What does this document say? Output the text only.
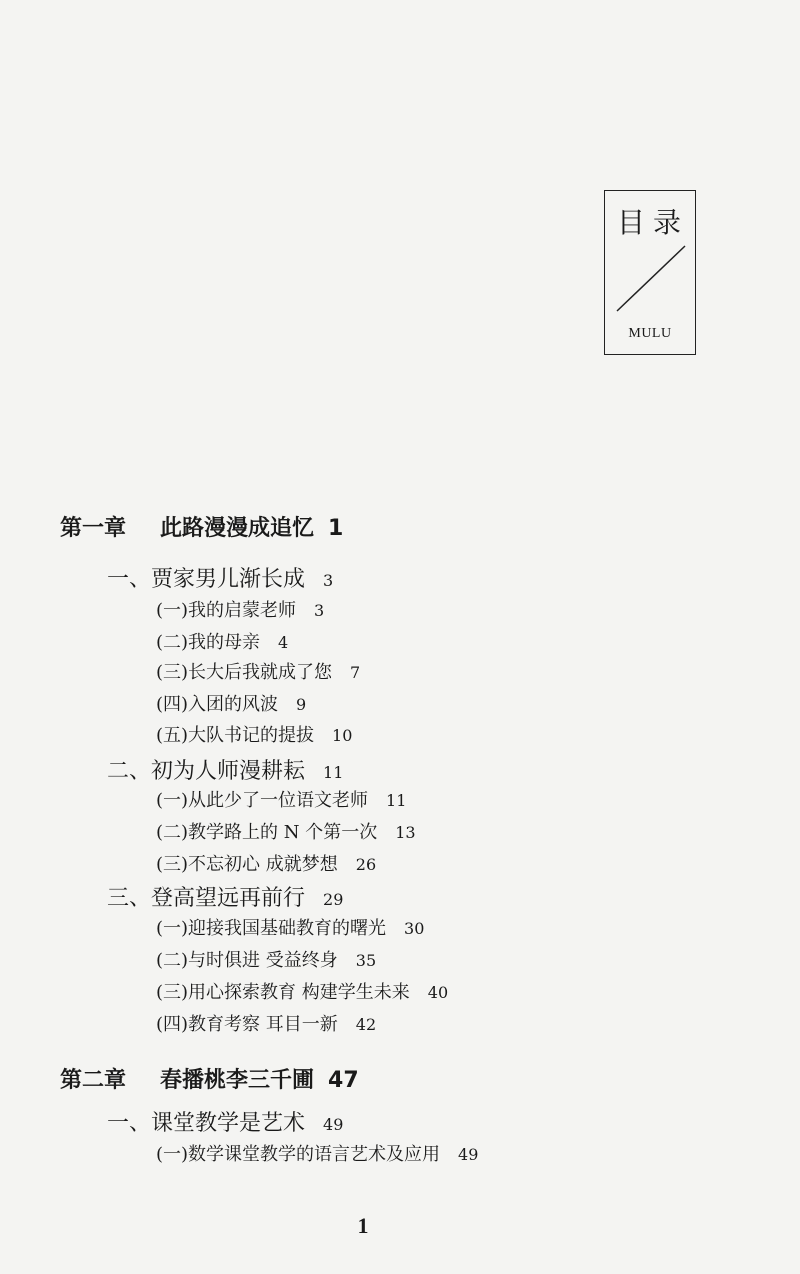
目录
MULU
第一章 此路漫漫成追忆 1
一、贾家男儿渐长成 3
(一)我的启蒙老师 3
(二)我的母亲 4
(三)长大后我就成了您 7
(四)入团的风波 9
(五)大队书记的提拔 10
二、初为人师漫耕耘 11
(一)从此少了一位语文老师 11
(二)教学路上的 N 个第一次 13
(三)不忘初心 成就梦想 26
三、登高望远再前行 29
(一)迎接我国基础教育的曙光 30
(二)与时俱进 受益终身 35
(三)用心探索教育 构建学生未来 40
(四)教育考察 耳目一新 42
第二章 春播桃李三千圃 47
一、课堂教学是艺术 49
(一)数学课堂教学的语言艺术及应用 49
1
